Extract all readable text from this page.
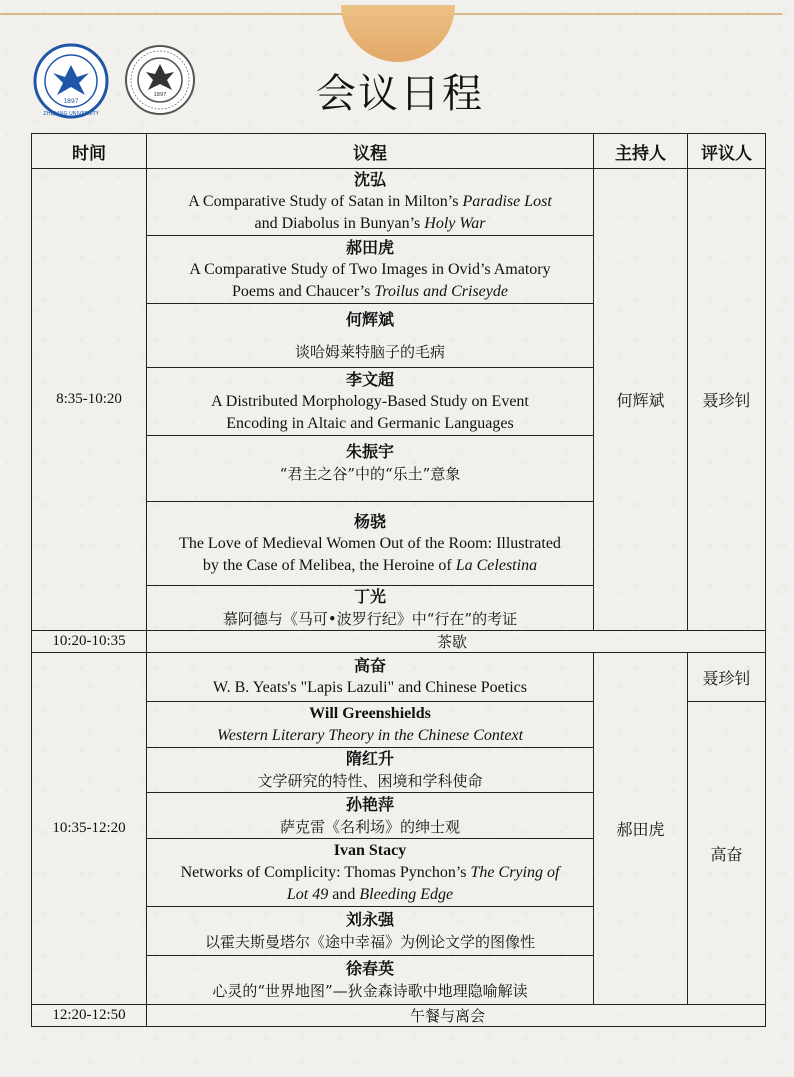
1897
ZHEJIANG UNIVERSITY
1897	会议日程
时间	议程	主持人	评议人
8:35-10:20	沈弘
A Comparative Study of Satan in Milton’s Paradise Lost
and Diabolus in Bunyan’s Holy War	何辉斌	聂珍钊

	郝田虎
A Comparative Study of Two Images in Ovid’s Amatory
Poems and Chaucer’s Troilus and Criseyde		

	何辉斌
谈哈姆莱特脑子的毛病		

	李文超
A Distributed Morphology-Based Study on Event
Encoding in Altaic and Germanic Languages		

	朱振宇
“君主之谷”中的“乐土”意象		

	杨骁
The Love of Medieval Women Out of the Room: Illustrated
by the Case of Melibea, the Heroine of La Celestina		

	丁光
慕阿德与《马可•波罗行纪》中“行在”的考证		

10:20-10:35	茶歇		
10:35-12:20	高奋
W. B. Yeats's "Lapis Lazuli" and Chinese Poetics	郝田虎	聂珍钊

	Will Greenshields
Western Literary Theory in the Chinese Context		高奋

	隋红升
文学研究的特性、困境和学科使命		

	孙艳萍
萨克雷《名利场》的绅士观		

	Ivan Stacy
Networks of Complicity: Thomas Pynchon’s The Crying of
Lot 49 and Bleeding Edge		

	刘永强
以霍夫斯曼塔尔《途中幸福》为例论文学的图像性		

	徐春英
心灵的“世界地图”—狄金森诗歌中地理隐喻解读		

12:20-12:50	午餐与离会		
